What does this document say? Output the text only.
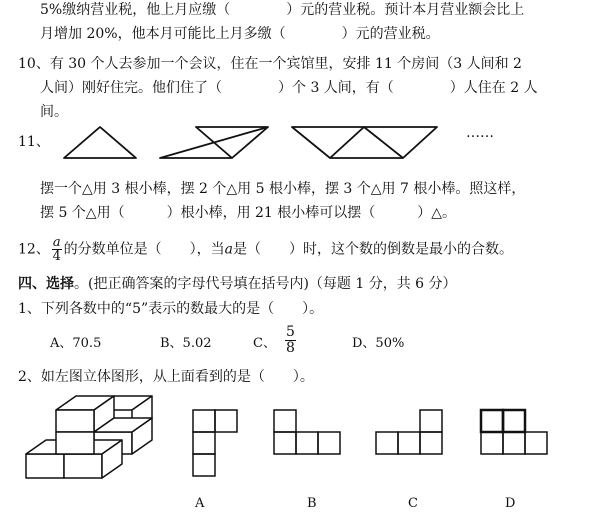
5%缴纳营业税，他上月应缴（　　　　）元的营业税。预计本月营业额会比上
月增加 20%，他本月可能比上月多缴（　　　　）元的营业税。
10、有 30 个人去参加一个会议，住在一个宾馆里，安排 11 个房间（3 人间和 2
人间）刚好住完。他们住了（　　　　）个 3 人间，有（　　　　）人住在 2 人
间。
11、
……
摆一个△用 3 根小棒，摆 2 个△用 5 根小棒，摆 3 个△用 7 根小棒。照这样，
摆 5 个△用（　　　）根小棒，用 21 根小棒可以摆（　　　）△。
12、 $\frac{a}{4}$ 的分数单位是（　　），当a是（　　）时，这个数的倒数是最小的合数。
四、选择。(把正确答案的字母代号填在括号内)（每题 1 分，共 6 分）
1、下列各数中的“5”表示的数最大的是（　　）。
A、70.5	B、5.02	C、 $\frac{5}{8}$	D、50%
2、如左图立体图形，从上面看到的是（　　）。
A	B	C	D
